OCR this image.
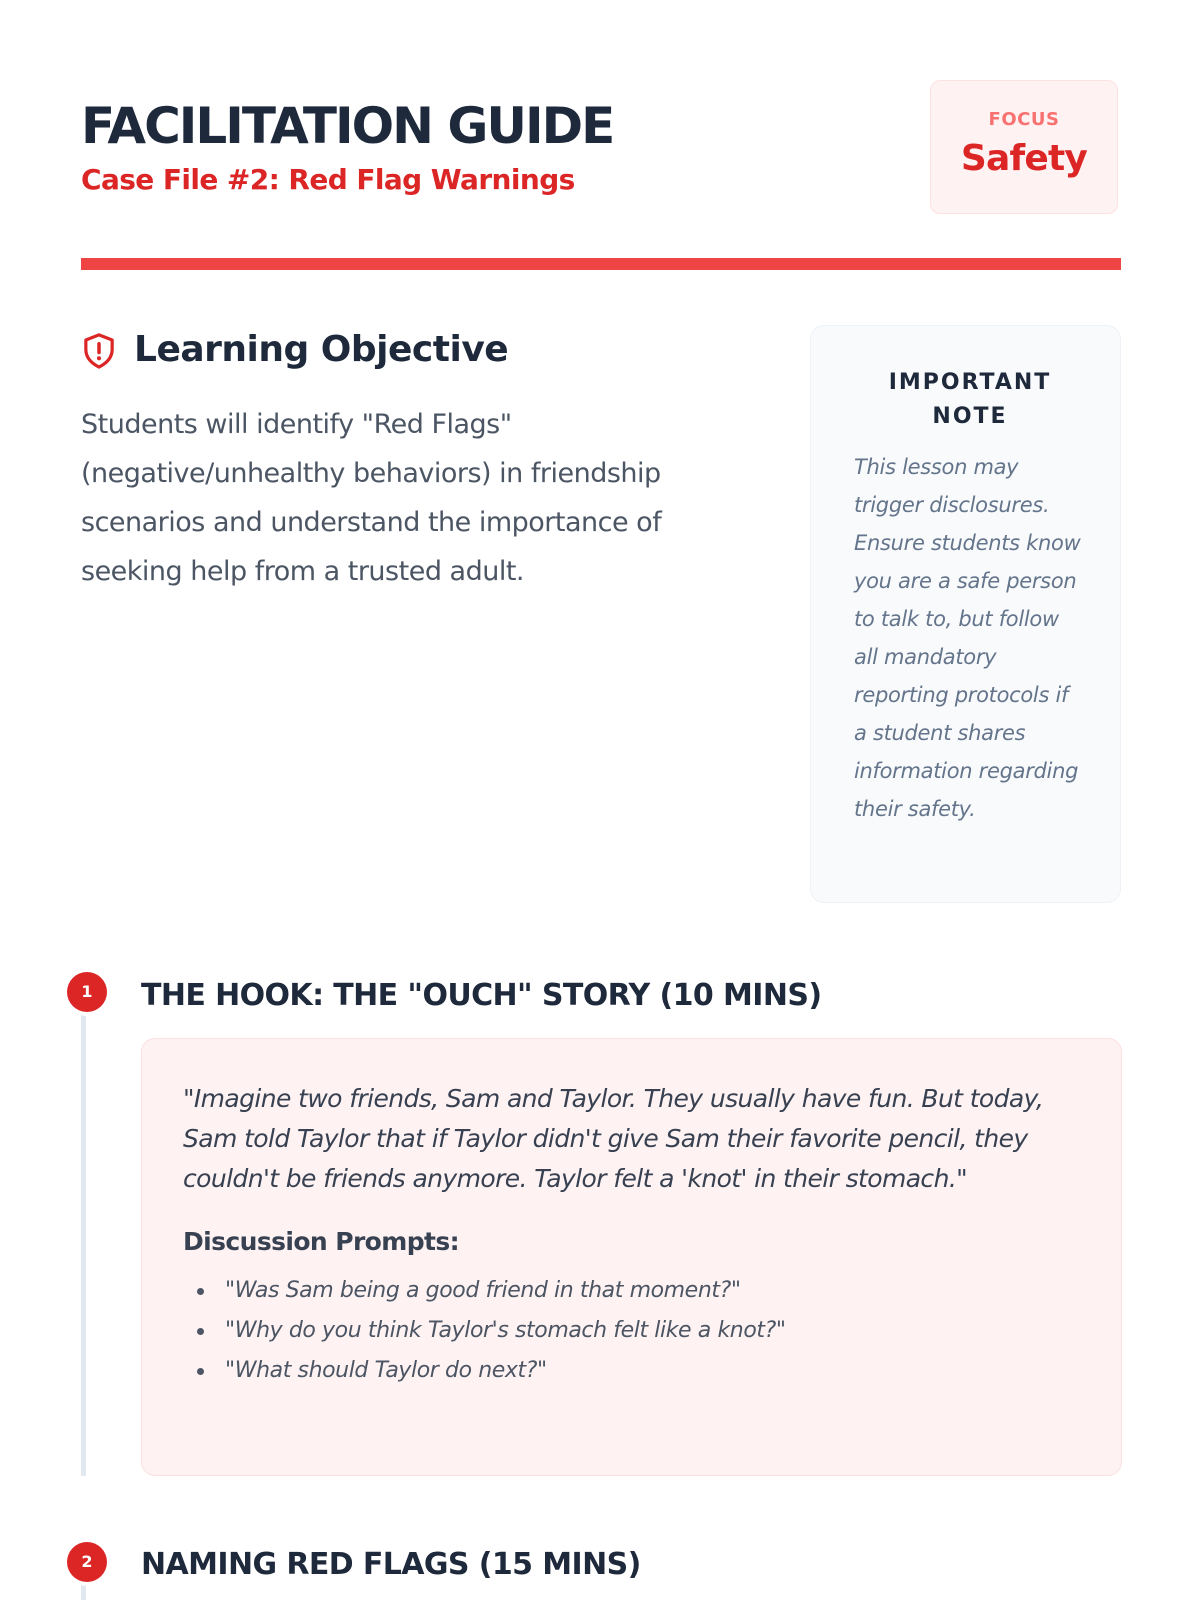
FACILITATION GUIDE
Case File #2: Red Flag Warnings
FOCUS
Safety
Learning Objective

Students will identify "Red Flags" (negative/unhealthy behaviors) in friendship scenarios and understand the importance of seeking help from a trusted adult.

IMPORTANT NOTE

This lesson may trigger disclosures. Ensure students know you are a safe person to talk to, but follow all mandatory reporting protocols if a student shares information regarding their safety.

1	THE HOOK: THE "OUCH" STORY (10 MINS)

"Imagine two friends, Sam and Taylor. They usually have fun. But today, Sam told Taylor that if Taylor didn't give Sam their favorite pencil, they couldn't be friends anymore. Taylor felt a 'knot' in their stomach."

Discussion Prompts:
"Was Sam being a good friend in that moment?"
"Why do you think Taylor's stomach felt like a knot?"
"What should Taylor do next?"
2	NAMING RED FLAGS (15 MINS)
